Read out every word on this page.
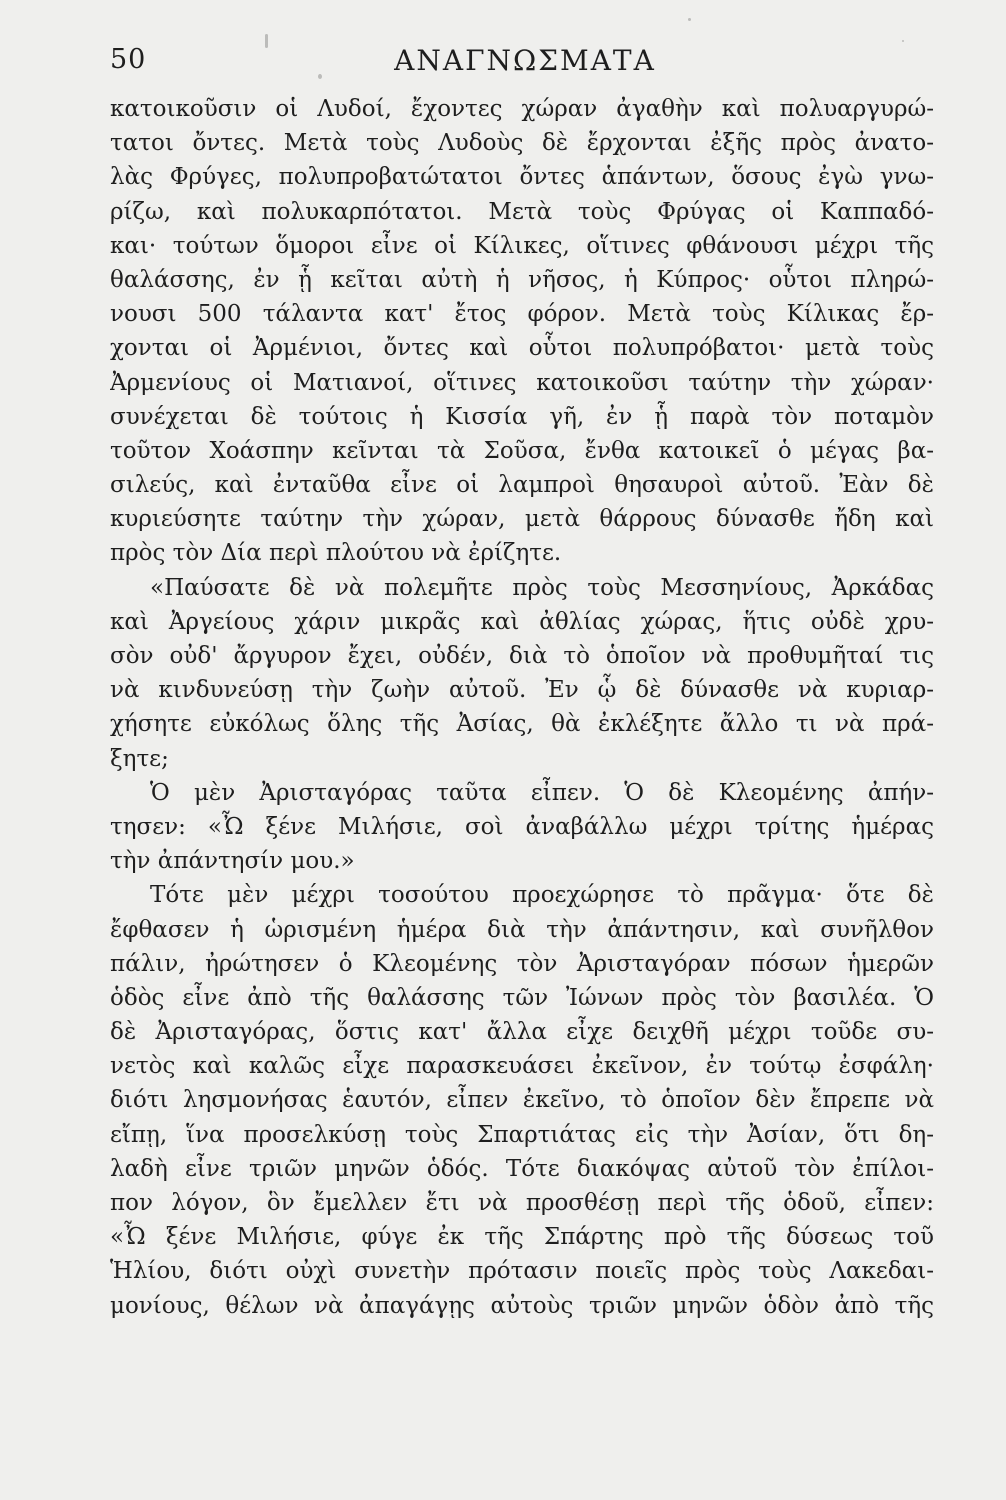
50	ΑΝΑΓΝΩΣΜΑΤΑ
κατοικοῦσιν οἱ Λυδοί, ἔχοντες χώραν ἀγαθὴν καὶ πολυαργυρώ-
τατοι ὄντες. Μετὰ τοὺς Λυδοὺς δὲ ἔρχονται ἐξῆς πρὸς ἀνατο-
λὰς Φρύγες, πολυπροβατώτατοι ὄντες ἁπάντων, ὅσους ἐγὼ γνω-
ρίζω, καὶ πολυκαρπότατοι. Μετὰ τοὺς Φρύγας οἱ Καππαδό-
και· τούτων ὅμοροι εἶνε οἱ Κίλικες, οἵτινες φθάνουσι μέχρι τῆς
θαλάσσης, ἐν ᾗ κεῖται αὐτὴ ἡ νῆσος, ἡ Κύπρος· οὗτοι πληρώ-
νουσι 500 τάλαντα κατ' ἔτος φόρον. Μετὰ τοὺς Κίλικας ἔρ-
χονται οἱ Ἀρμένιοι, ὄντες καὶ οὗτοι πολυπρόβατοι· μετὰ τοὺς
Ἀρμενίους οἱ Ματιανοί, οἵτινες κατοικοῦσι ταύτην τὴν χώραν·
συνέχεται δὲ τούτοις ἡ Κισσία γῆ, ἐν ᾗ παρὰ τὸν ποταμὸν
τοῦτον Χοάσπην κεῖνται τὰ Σοῦσα, ἔνθα κατοικεῖ ὁ μέγας βα-
σιλεύς, καὶ ἐνταῦθα εἶνε οἱ λαμπροὶ θησαυροὶ αὐτοῦ. Ἐὰν δὲ
κυριεύσητε ταύτην τὴν χώραν, μετὰ θάρρους δύνασθε ἤδη καὶ
πρὸς τὸν Δία περὶ πλούτου νὰ ἐρίζητε.
«Παύσατε δὲ νὰ πολεμῆτε πρὸς τοὺς Μεσσηνίους, Ἀρκάδας
καὶ Ἀργείους χάριν μικρᾶς καὶ ἀθλίας χώρας, ἥτις οὐδὲ χρυ-
σὸν οὐδ' ἄργυρον ἔχει, οὐδέν, διὰ τὸ ὁποῖον νὰ προθυμῆταί τις
νὰ κινδυνεύσῃ τὴν ζωὴν αὐτοῦ. Ἐν ᾧ δὲ δύνασθε νὰ κυριαρ-
χήσητε εὐκόλως ὅλης τῆς Ἀσίας, θὰ ἐκλέξητε ἄλλο τι νὰ πρά-
ξητε;
Ὁ μὲν Ἀρισταγόρας ταῦτα εἶπεν. Ὁ δὲ Κλεομένης ἀπήν-
τησεν: «Ὦ ξένε Μιλήσιε, σοὶ ἀναβάλλω μέχρι τρίτης ἡμέρας
τὴν ἀπάντησίν μου.»
Τότε μὲν μέχρι τοσούτου προεχώρησε τὸ πρᾶγμα· ὅτε δὲ
ἔφθασεν ἡ ὡρισμένη ἡμέρα διὰ τὴν ἀπάντησιν, καὶ συνῆλθον
πάλιν, ἠρώτησεν ὁ Κλεομένης τὸν Ἀρισταγόραν πόσων ἡμερῶν
ὁδὸς εἶνε ἀπὸ τῆς θαλάσσης τῶν Ἰώνων πρὸς τὸν βασιλέα. Ὁ
δὲ Ἀρισταγόρας, ὅστις κατ' ἄλλα εἶχε δειχθῆ μέχρι τοῦδε συ-
νετὸς καὶ καλῶς εἶχε παρασκευάσει ἐκεῖνον, ἐν τούτῳ ἐσφάλη·
διότι λησμονήσας ἑαυτόν, εἶπεν ἐκεῖνο, τὸ ὁποῖον δὲν ἔπρεπε νὰ
εἴπῃ, ἵνα προσελκύσῃ τοὺς Σπαρτιάτας εἰς τὴν Ἀσίαν, ὅτι δη-
λαδὴ εἶνε τριῶν μηνῶν ὁδός. Τότε διακόψας αὐτοῦ τὸν ἐπίλοι-
πον λόγον, ὃν ἔμελλεν ἔτι νὰ προσθέσῃ περὶ τῆς ὁδοῦ, εἶπεν:
«Ὦ ξένε Μιλήσιε, φύγε ἐκ τῆς Σπάρτης πρὸ τῆς δύσεως τοῦ
Ἡλίου, διότι οὐχὶ συνετὴν πρότασιν ποιεῖς πρὸς τοὺς Λακεδαι-
μονίους, θέλων νὰ ἀπαγάγῃς αὐτοὺς τριῶν μηνῶν ὁδὸν ἀπὸ τῆς
